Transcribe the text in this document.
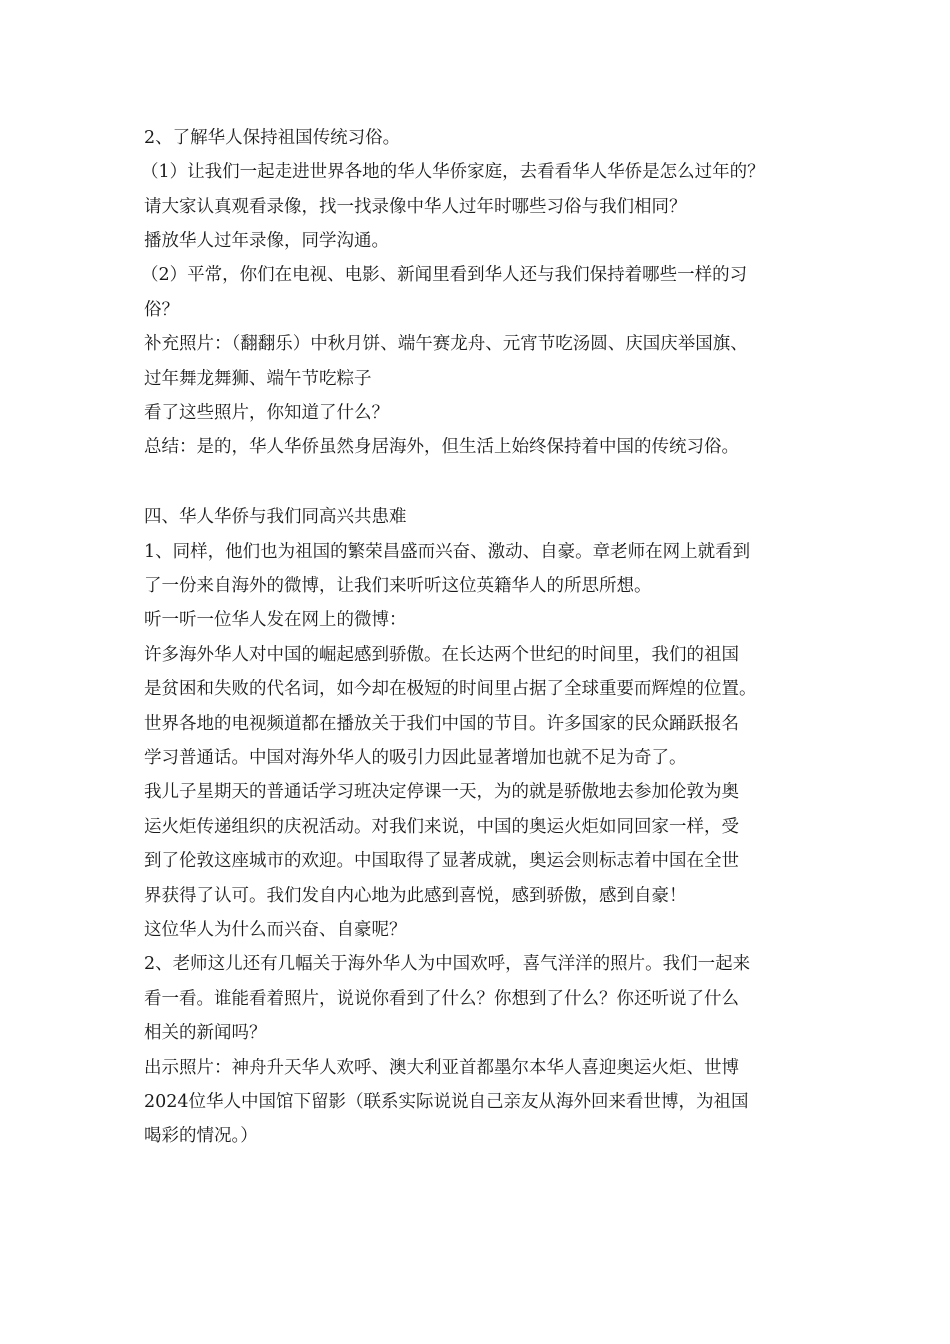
2、了解华人保持祖国传统习俗。
（1）让我们一起走进世界各地的华人华侨家庭，去看看华人华侨是怎么过年的？
请大家认真观看录像，找一找录像中华人过年时哪些习俗与我们相同？
播放华人过年录像，同学沟通。
（2）平常，你们在电视、电影、新闻里看到华人还与我们保持着哪些一样的习
俗？
补充照片：（翻翻乐）中秋月饼、端午赛龙舟、元宵节吃汤圆、庆国庆举国旗、
过年舞龙舞狮、端午节吃粽子
看了这些照片，你知道了什么？
总结：是的，华人华侨虽然身居海外，但生活上始终保持着中国的传统习俗。
四、华人华侨与我们同高兴共患难
1、同样，他们也为祖国的繁荣昌盛而兴奋、激动、自豪。章老师在网上就看到
了一份来自海外的微博，让我们来听听这位英籍华人的所思所想。
听一听一位华人发在网上的微博：
许多海外华人对中国的崛起感到骄傲。在长达两个世纪的时间里，我们的祖国
是贫困和失败的代名词，如今却在极短的时间里占据了全球重要而辉煌的位置。
世界各地的电视频道都在播放关于我们中国的节目。许多国家的民众踊跃报名
学习普通话。中国对海外华人的吸引力因此显著增加也就不足为奇了。
我儿子星期天的普通话学习班决定停课一天，为的就是骄傲地去参加伦敦为奥
运火炬传递组织的庆祝活动。对我们来说，中国的奥运火炬如同回家一样，受
到了伦敦这座城市的欢迎。中国取得了显著成就，奥运会则标志着中国在全世
界获得了认可。我们发自内心地为此感到喜悦，感到骄傲，感到自豪！
这位华人为什么而兴奋、自豪呢？
2、老师这儿还有几幅关于海外华人为中国欢呼，喜气洋洋的照片。我们一起来
看一看。谁能看着照片，说说你看到了什么？你想到了什么？你还听说了什么
相关的新闻吗？
出示照片：神舟升天华人欢呼、澳大利亚首都墨尔本华人喜迎奥运火炬、世博
2024位华人中国馆下留影（联系实际说说自己亲友从海外回来看世博，为祖国
喝彩的情况。）
